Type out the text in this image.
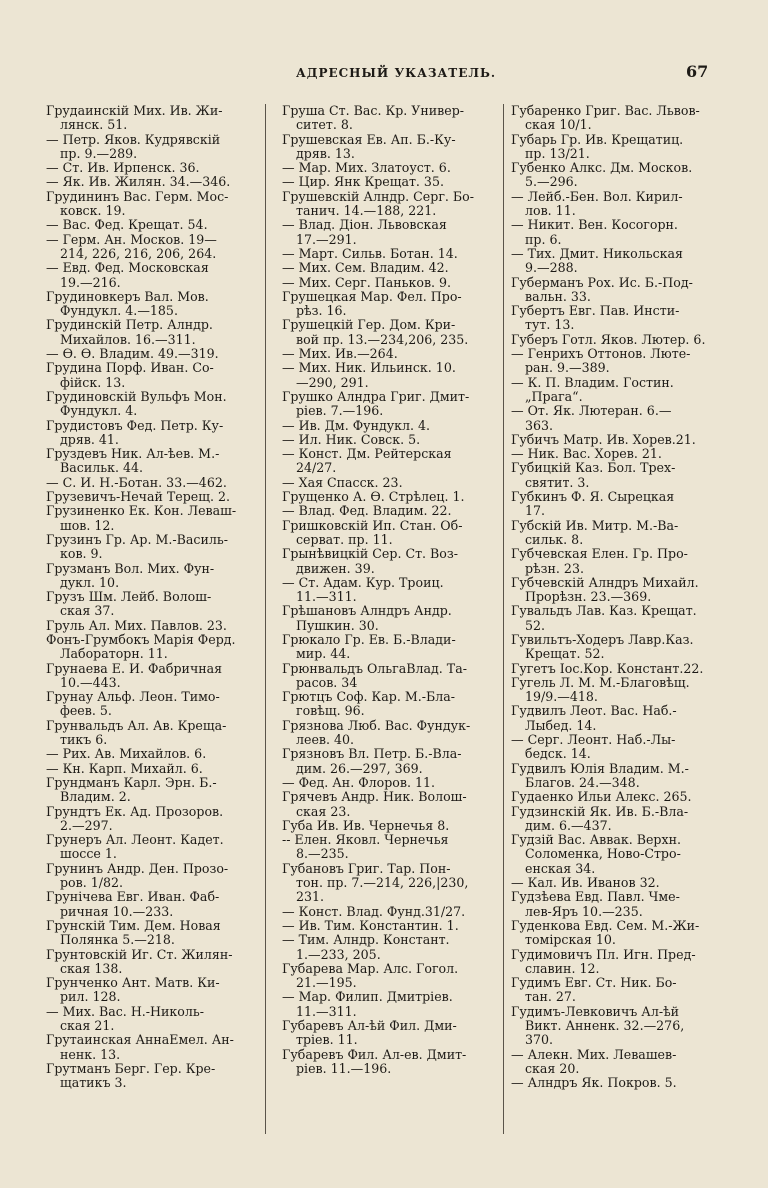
АДРЕСНЫЙ УКАЗАТЕЛЬ.	67
Грудаинскій Мих. Ив. Жи-
лянск. 51.
— Петр. Яков. Кудрявскій
пр. 9.—289.
— Ст. Ив. Ирпенск. 36.
— Як. Ив. Жилян. 34.—346.
Грудининъ Вас. Герм. Мос-
ковск. 19.
— Вас. Фед. Крещат. 54.
— Герм. Ан. Москов. 19—
214, 226, 216, 206, 264.
— Евд. Фед. Московская
19.—216.
Грудиновкеръ Вал. Мов.
Фундукл. 4.—185.
Грудинскій Петр. Алндр.
Михайлов. 16.—311.
— Ѳ. Ѳ. Владим. 49.—319.
Грудина Порф. Иван. Со-
фійск. 13.
Грудиновскій Вульфъ Мон.
Фундукл. 4.
Грудистовъ Фед. Петр. Ку-
дряв. 41.
Груздевъ Ник. Ал-ѣев. М.-
Васильк. 44.
— С. И. Н.-Ботан. 33.—462.
Грузевичъ-Нечай Терещ. 2.
Грузиненко Ек. Кон. Леваш-
шов. 12.
Грузинъ Гр. Ар. М.-Василь-
ков. 9.
Грузманъ Вол. Мих. Фун-
дукл. 10.
Грузъ Шм. Лейб. Волош-
ская 37.
Груль Ал. Мих. Павлов. 23.
Фонъ-Грумбокъ Марія Ферд.
Лабораторн. 11.
Грунаева Е. И. Фабричная
10.—443.
Грунау Альф. Леон. Тимо-
феев. 5.
Грунвальдъ Ал. Ав. Креща-
тикъ 6.
— Рих. Ав. Михайлов. 6.
— Кн. Карп. Михайл. 6.
Грундманъ Карл. Эрн. Б.-
Владим. 2.
Грундтъ Ек. Ад. Прозоров.
2.—297.
Грунеръ Ал. Леонт. Кадет.
шоссе 1.
Грунинъ Андр. Ден. Прозо-
ров. 1/82.
Грунічева Евг. Иван. Фаб-
ричная 10.—233.
Грунскій Тим. Дем. Новая
Полянка 5.—218.
Грунтовскій Иг. Ст. Жилян-
ская 138.
Грунченко Ант. Матв. Ки-
рил. 128.
— Мих. Вас. Н.-Николь-
ская 21.
Грутаинская АннаЕмел. Ан-
ненк. 13.
Грутманъ Берг. Гер. Кре-
щатикъ 3.
Груша Ст. Вас. Кр. Универ-
ситет. 8.
Грушевская Ев. Ап. Б.-Ку-
дряв. 13.
— Мар. Мих. Златоуст. 6.
— Цир. Янк Крещат. 35.
Грушевскій Алндр. Серг. Бо-
танич. 14.—188, 221.
— Влад. Діон. Львовская
17.—291.
— Март. Сильв. Ботан. 14.
— Мих. Сем. Владим. 42.
— Мих. Серг. Паньков. 9.
Грушецкая Мар. Фел. Про-
рѣз. 16.
Грушецкій Гер. Дом. Кри-
вой пр. 13.—234,206, 235.
— Мих. Ив.—264.
— Мих. Ник. Ильинск. 10.
—290, 291.
Грушко Алндра Григ. Дмит-
ріев. 7.—196.
— Ив. Дм. Фундукл. 4.
— Ил. Ник. Совск. 5.
— Конст. Дм. Рейтерская
24/27.
— Хая Спасск. 23.
Грущенко А. Ѳ. Стрѣлец. 1.
— Влад. Фед. Владим. 22.
Гришковскій Ип. Стан. Об-
серват. пр. 11.
Грынѣвицкій Сер. Ст. Воз-
движен. 39.
— Ст. Адам. Кур. Троиц.
11.—311.
Грѣшановъ Алндръ Андр.
Пушкин. 30.
Грюкало Гр. Ев. Б.-Влади-
мир. 44.
Грюнвальдъ ОльгаВлад. Та-
расов. 34
Грютцъ Соф. Кар. М.-Бла-
говѣщ. 96.
Грязнова Люб. Вас. Фундук-
леев. 40.
Грязновъ Вл. Петр. Б.-Вла-
дим. 26.—297, 369.
— Фед. Ан. Флоров. 11.
Грячевъ Андр. Ник. Волош-
ская 23.
Губа Ив. Ив. Чернечья 8.
-- Елен. Яковл. Чернечья
8.—235.
Губановъ Григ. Тар. Пон-
тон. пр. 7.—214, 226,|230,
231.
— Конст. Влад. Фунд.31/27.
— Ив. Тим. Константин. 1.
— Тим. Алндр. Констант.
1.—233, 205.
Губарева Мар. Алс. Гогол.
21.—195.
— Мар. Филип. Дмитріев.
11.—311.
Губаревъ Ал-ѣй Фил. Дми-
тріев. 11.
Губаревъ Фил. Ал-ев. Дмит-
ріев. 11.—196.
Губаренко Григ. Вас. Львов-
ская 10/1.
Губарь Гр. Ив. Крещатиц.
пр. 13/21.
Губенко Алкс. Дм. Москов.
5.—296.
— Лейб.-Бен. Вол. Кирил-
лов. 11.
— Никит. Вен. Косогорн.
пр. 6.
— Тих. Дмит. Никольская
9.—288.
Губерманъ Рох. Ис. Б.-Под-
вальн. 33.
Губертъ Евг. Пав. Инсти-
тут. 13.
Губеръ Готл. Яков. Лютер. 6.
— Генрихъ Оттонов. Люте-
ран. 9.—389.
— К. П. Владим. Гостин.
„Прага“.
— От. Як. Лютеран. 6.—
363.
Губичъ Матр. Ив. Хорев.21.
— Ник. Вас. Хорев. 21.
Губицкій Каз. Бол. Трех-
святит. 3.
Губкинъ Ф. Я. Сырецкая
17.
Губскій Ив. Митр. М.-Ва-
сильк. 8.
Губчевская Елен. Гр. Про-
рѣзн. 23.
Губчевскій Алндръ Михайл.
Прорѣзн. 23.—369.
Гувальдъ Лав. Каз. Крещат.
52.
Гувильтъ-Ходеръ Лавр.Каз.
Крещат. 52.
Гугетъ Іос.Кор. Констант.22.
Гугель Л. М. М.-Благовѣщ.
19/9.—418.
Гудвилъ Леот. Вас. Наб.-
Лыбед. 14.
— Серг. Леонт. Наб.-Лы-
бедск. 14.
Гудвилъ Юлія Владим. М.-
Благов. 24.—348.
Гудаенко Ильи Алекс. 265.
Гудзинскій Як. Ив. Б.-Вла-
дим. 6.—437.
Гудзій Вас. Аввак. Верхн.
Соломенка, Ново-Стро-
енская 34.
— Кал. Ив. Иванов 32.
Гудзѣева Евд. Павл. Чме-
лев-Яръ 10.—235.
Гуденкова Евд. Сем. М.-Жи-
томірская 10.
Гудимовичъ Пл. Игн. Пред-
славин. 12.
Гудимъ Евг. Ст. Ник. Бо-
тан. 27.
Гудимъ-Левковичъ Ал-ѣй
Викт. Анненк. 32.—276,
370.
— Алекн. Мих. Левашев-
ская 20.
— Алндръ Як. Покров. 5.
